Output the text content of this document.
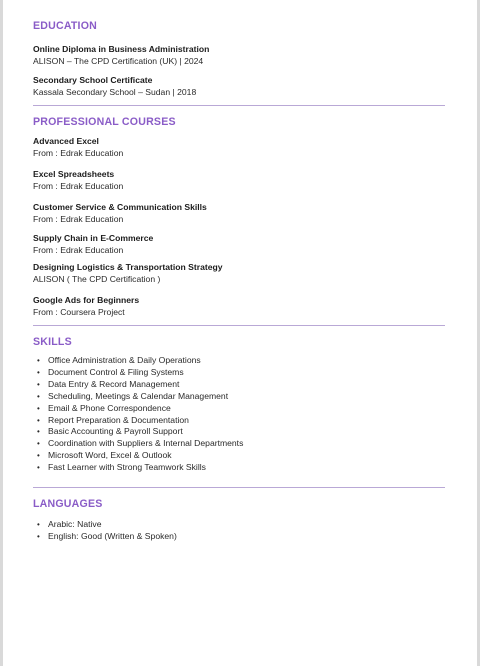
EDUCATION
Online Diploma in Business Administration
ALISON – The CPD Certification (UK) | 2024
Secondary School Certificate
Kassala Secondary School – Sudan | 2018
PROFESSIONAL COURSES
Advanced Excel
From : Edrak Education
Excel Spreadsheets
From : Edrak Education
Customer Service & Communication Skills
From : Edrak Education
Supply Chain in E-Commerce
From : Edrak Education
Designing Logistics & Transportation Strategy
ALISON ( The CPD Certification )
Google Ads for Beginners
From : Coursera Project
SKILLS
• Office Administration & Daily Operations
• Document Control & Filing Systems
• Data Entry & Record Management
• Scheduling, Meetings & Calendar Management
• Email & Phone Correspondence
• Report Preparation & Documentation
• Basic Accounting & Payroll Support
• Coordination with Suppliers & Internal Departments
• Microsoft Word, Excel & Outlook
• Fast Learner with Strong Teamwork Skills
LANGUAGES
• Arabic: Native
• English: Good (Written & Spoken)
